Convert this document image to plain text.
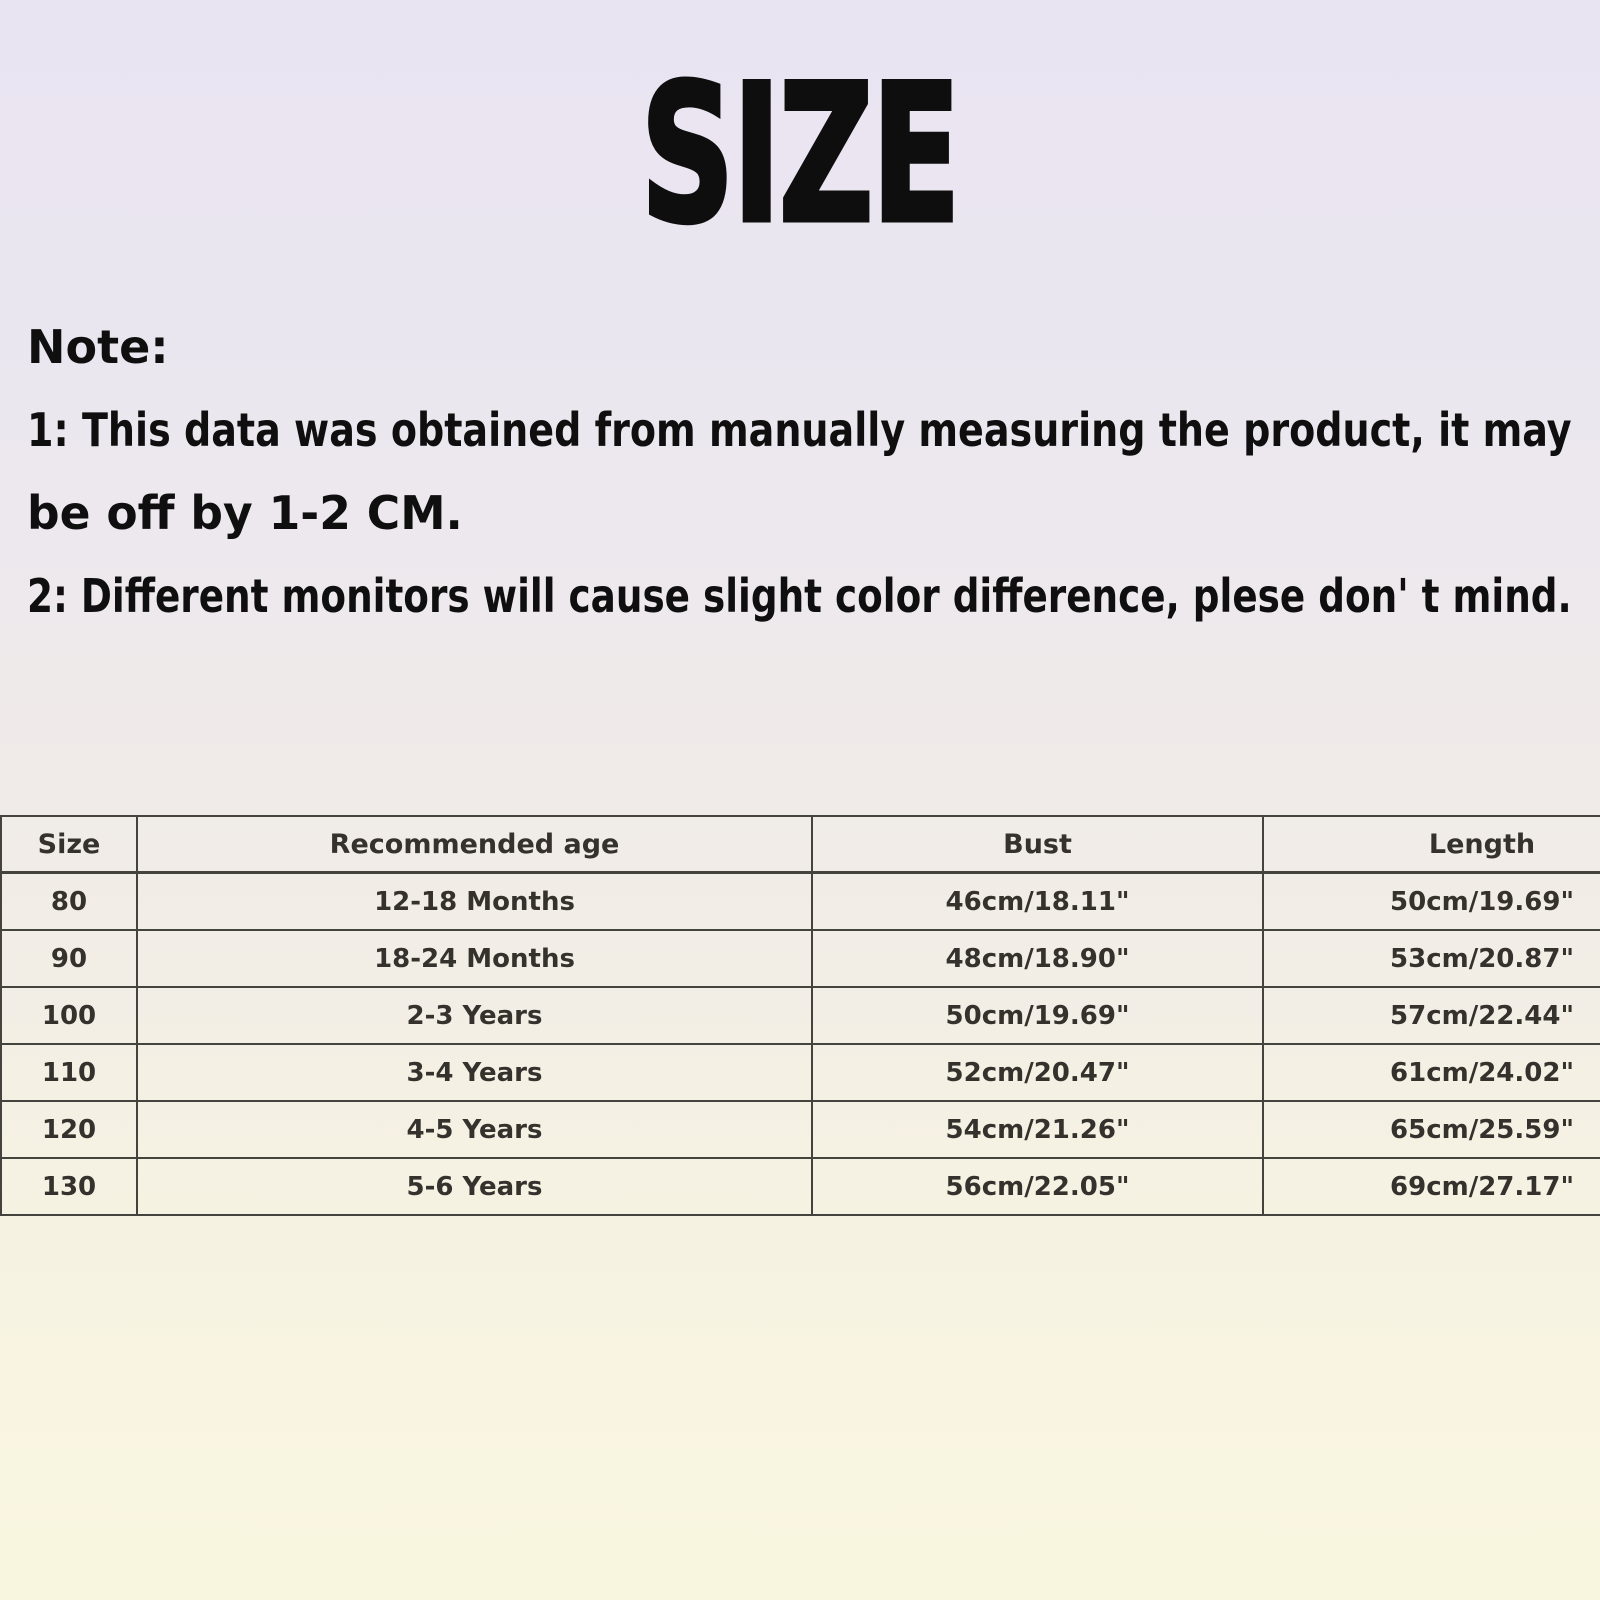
SIZE
Note:
1: This data was obtained from manually measuring the product, it may
be off by 1-2 CM.
2: Different monitors will cause slight color difference, plese don' t mind.
Size	Recommended age	Bust	Length
80	12-18 Months	46cm/18.11"	50cm/19.69"
90	18-24 Months	48cm/18.90"	53cm/20.87"
100	2-3 Years	50cm/19.69"	57cm/22.44"
110	3-4 Years	52cm/20.47"	61cm/24.02"
120	4-5 Years	54cm/21.26"	65cm/25.59"
130	5-6 Years	56cm/22.05"	69cm/27.17"
